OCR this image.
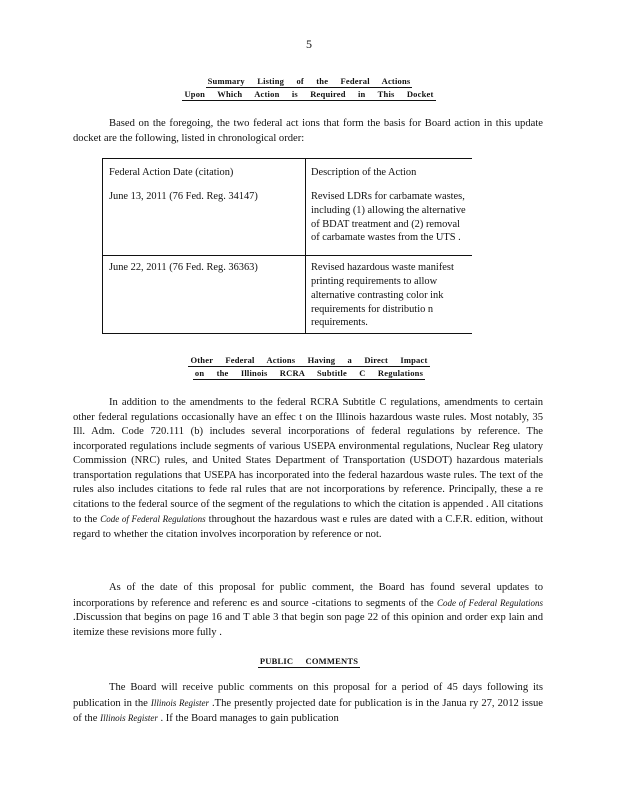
5
Summary Listing of the Federal Actions
Upon Which Action is Required in This Docket
Based on the foregoing, the two federal act ions that form the basis for Board action in this update docket are the following, listed in chronological order:
Federal Action Date (citation)	Description of the Action
June 13, 2011 (76 Fed. Reg. 34147)	Revised LDRs for carbamate wastes, including (1) allowing the alternative of BDAT treatment and (2) removal of carbamate wastes from the UTS .
June 22, 2011 (76 Fed. Reg. 36363)	Revised hazardous waste manifest printing requirements to allow alternative contrasting color ink requirements for distributio n requirements.
Other Federal Actions Having a Direct Impact
on the Illinois RCRA Subtitle C Regulations
In addition to the amendments to the federal RCRA Subtitle C regulations, amendments to certain other federal regulations occasionally have an effec t on the Illinois hazardous waste rules. Most notably, 35 Ill. Adm. Code 720.111 (b) includes several incorporations of federal regulations by reference. The incorporated regulations include segments of various USEPA environmental regulations, Nuclear Reg ulatory Commission (NRC) rules, and United States Department of Transportation (USDOT) hazardous materials transportation regulations that USEPA has incorporated into the federal hazardous waste rules. The text of the rules also includes citations to fede ral rules that are not incorporations by reference. Principally, these a re citations to the federal source of the segment of the regulations to which the citation is appended . All citations to the Code of Federal Regulations throughout the hazardous wast e rules are dated with a C.F.R. edition, without regard to whether the citation involves incorporation by reference or not.
As of the date of this proposal for public comment, the Board has found several updates to incorporations by reference and referenc es and source -citations to segments of the Code of Federal Regulations .Discussion that begins on page 16 and T able 3 that begin son page 22 of this opinion and order exp lain and itemize these revisions more fully .
PUBLIC COMMENTS
The Board will receive public comments on this proposal for a period of 45 days following its publication in the Illinois Register .The presently projected date for publication is in the Janua ry 27, 2012 issue of the Illinois Register . If the Board manages to gain publication
